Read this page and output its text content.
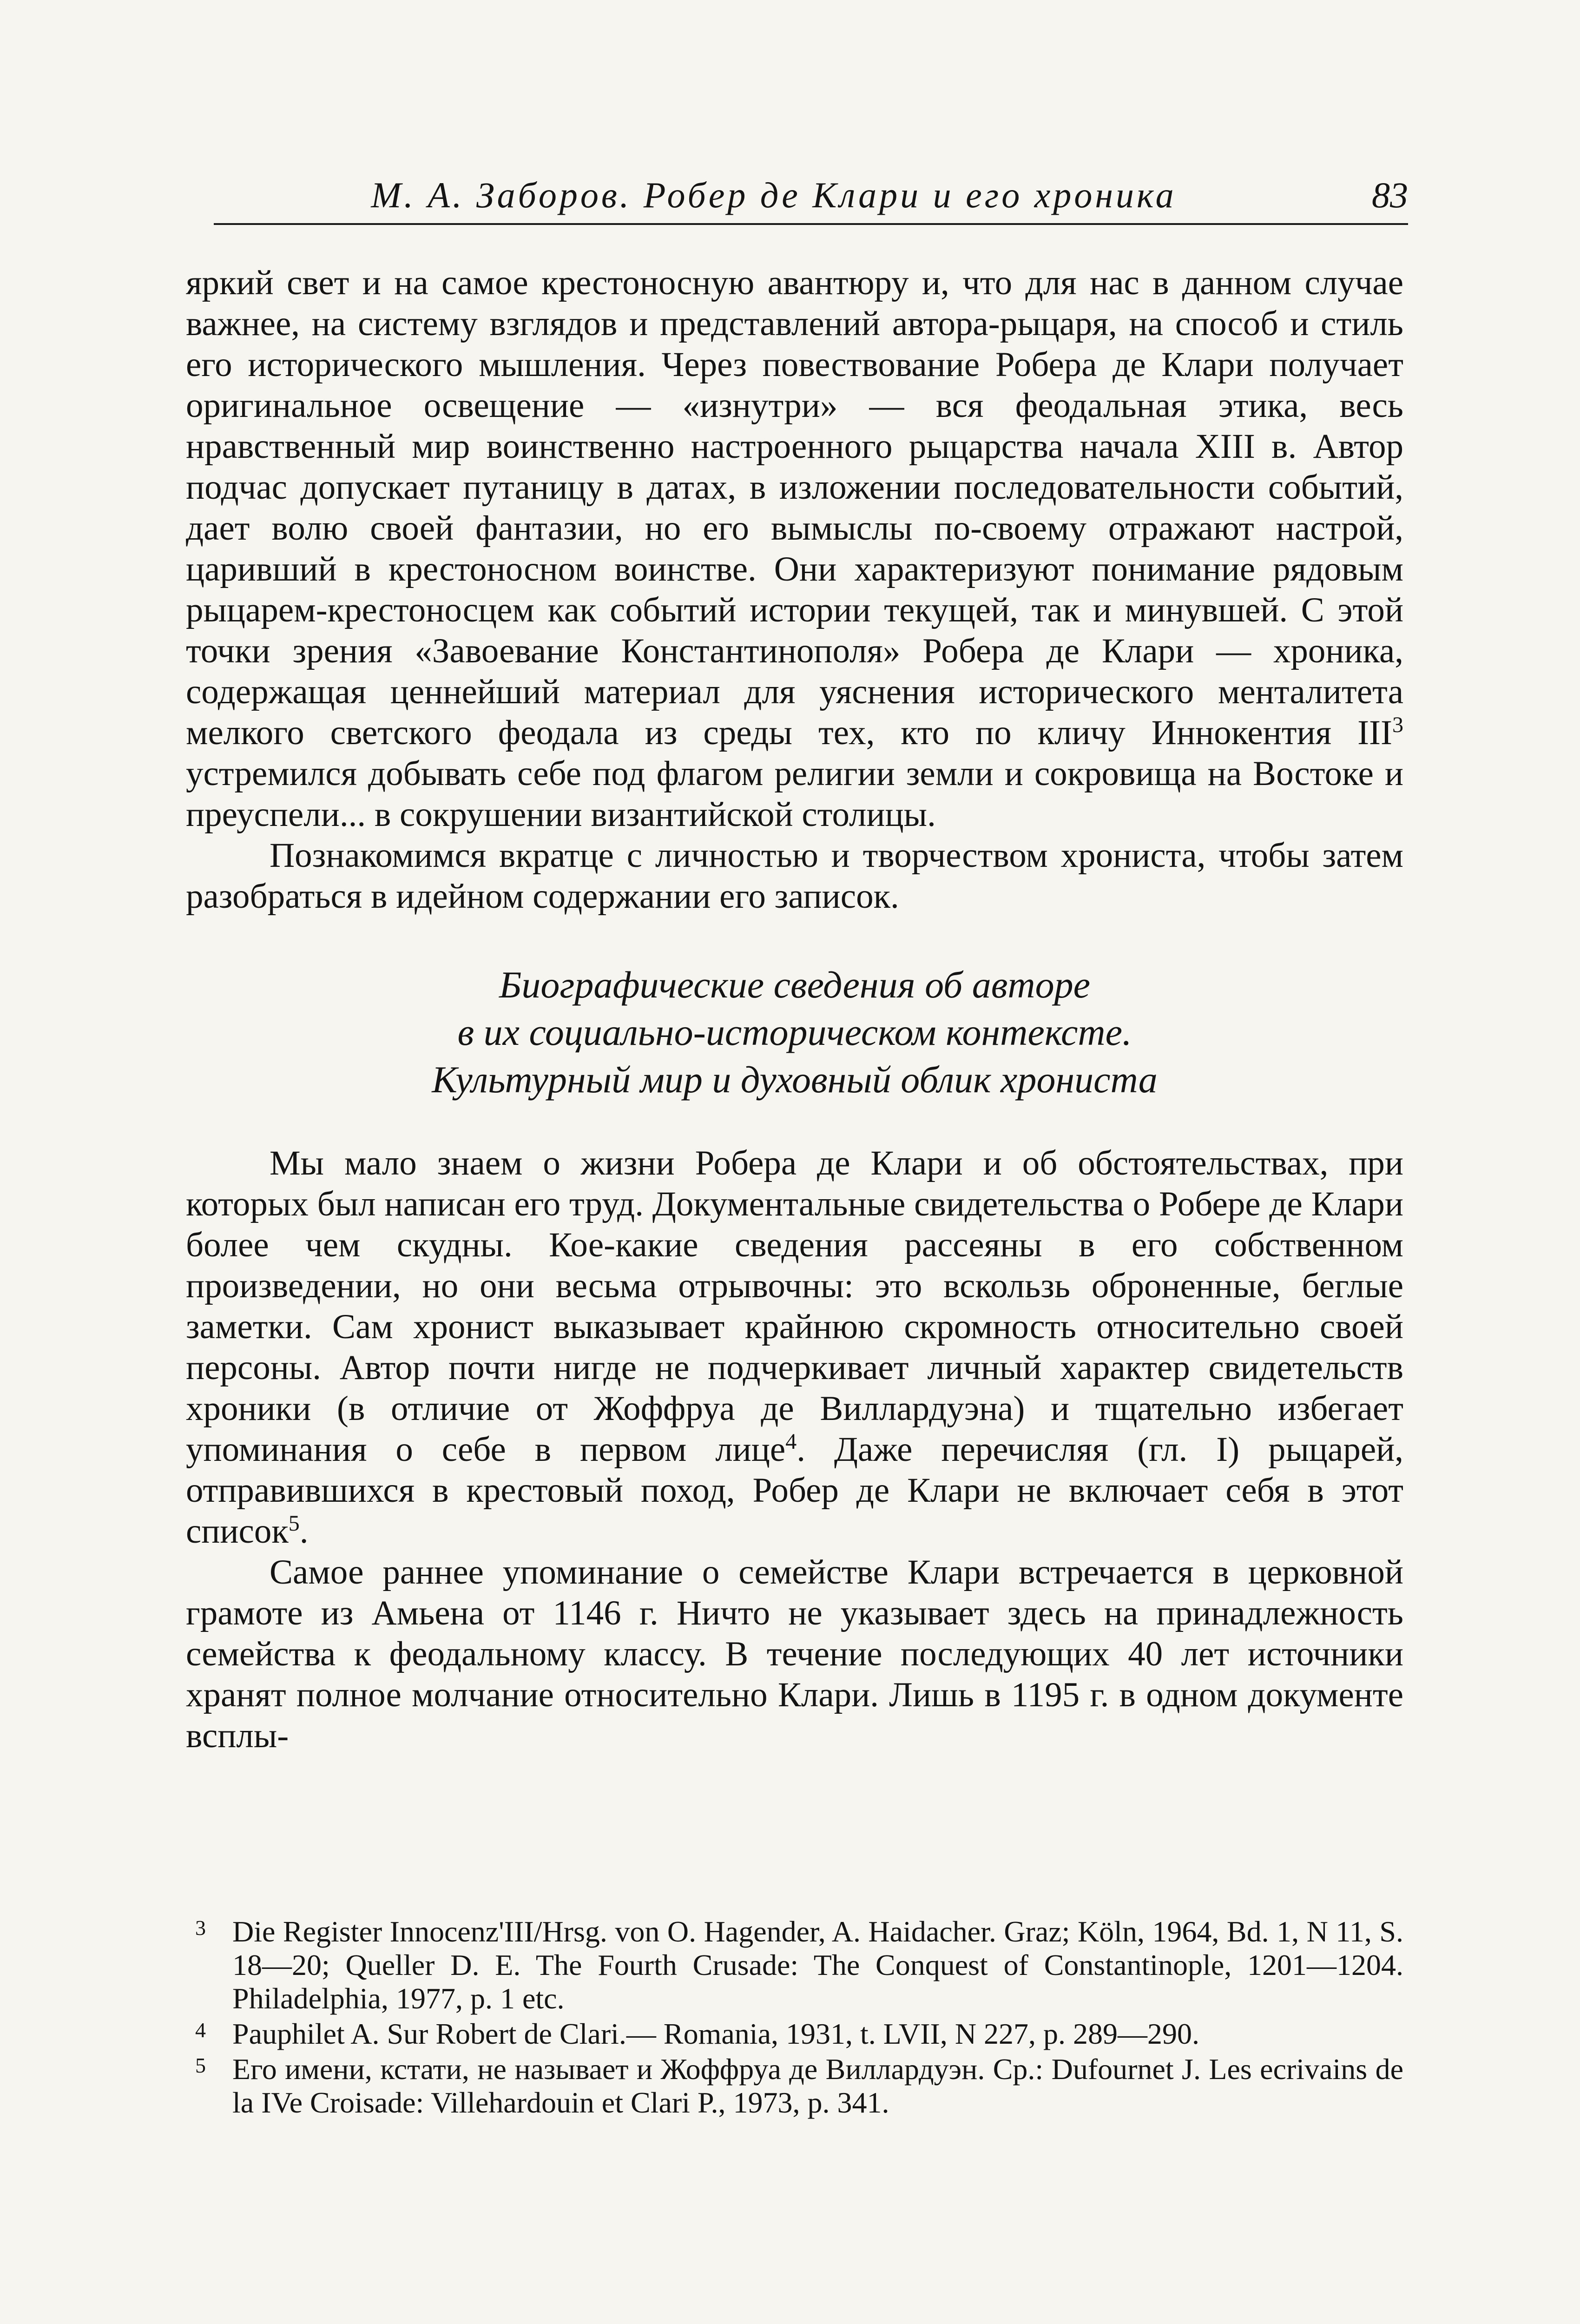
М. А. Заборов. Робер де Клари и его хроника	83

яркий свет и на самое крестоносную авантюру и, что для нас в данном случае важнее, на систему взглядов и представлений автора-рыцаря, на способ и стиль его исторического мышления. Через повествование Робера де Клари получает оригинальное освещение — «изнутри» — вся феодальная этика, весь нравственный мир воинственно настроенного рыцарства начала XIII в. Автор подчас допускает путаницу в датах, в изложении последовательности событий, дает волю своей фантазии, но его вымыслы по-своему отражают настрой, царивший в крестоносном воинстве. Они характеризуют понимание рядовым рыцарем-крестоносцем как событий истории текущей, так и минувшей. С этой точки зрения «Завоевание Константинополя» Робера де Клари — хроника, содержащая ценнейший материал для уяснения исторического менталитета мелкого светского феодала из среды тех, кто по кличу Иннокентия III$^3$ устремился добывать себе под флагом религии земли и сокровища на Востоке и преуспели... в сокрушении византийской столицы.

Познакомимся вкратце с личностью и творчеством хрониста, чтобы затем разобраться в идейном содержании его записок.

Биографические сведения об авторе
в их социально-историческом контексте.
Культурный мир и духовный облик хрониста

Мы мало знаем о жизни Робера де Клари и об обстоятельствах, при которых был написан его труд. Документальные свидетельства о Робере де Клари более чем скудны. Кое-какие сведения рассеяны в его собственном произведении, но они весьма отрывочны: это вскользь оброненные, беглые заметки. Сам хронист выказывает крайнюю скромность относительно своей персоны. Автор почти нигде не подчеркивает личный характер свидетельств хроники (в отличие от Жоффруа де Виллардуэна) и тщательно избегает упоминания о себе в первом лице$^4$. Даже перечисляя (гл. I) рыцарей, отправившихся в крестовый поход, Робер де Клари не включает себя в этот список$^5$.

Самое раннее упоминание о семействе Клари встречается в церковной грамоте из Амьена от 1146 г. Ничто не указывает здесь на принадлежность семейства к феодальному классу. В течение последующих 40 лет источники хранят полное молчание относительно Клари. Лишь в 1195 г. в одном документе всплы-

3 Die Register Innocenz'III/Hrsg. von O. Hagender, A. Haidacher. Graz; Köln, 1964, Bd. 1, N 11, S. 18—20; Queller D. E. The Fourth Crusade: The Conquest of Constantinople, 1201—1204. Philadelphia, 1977, p. 1 etc.
4 Pauphilet A. Sur Robert de Clari.— Romania, 1931, t. LVII, N 227, p. 289—290.
5 Его имени, кстати, не называет и Жоффруа де Виллардуэн. Ср.: Dufournet J. Les ecrivains de la IVe Croisade: Villehardouin et Clari P., 1973, p. 341.
